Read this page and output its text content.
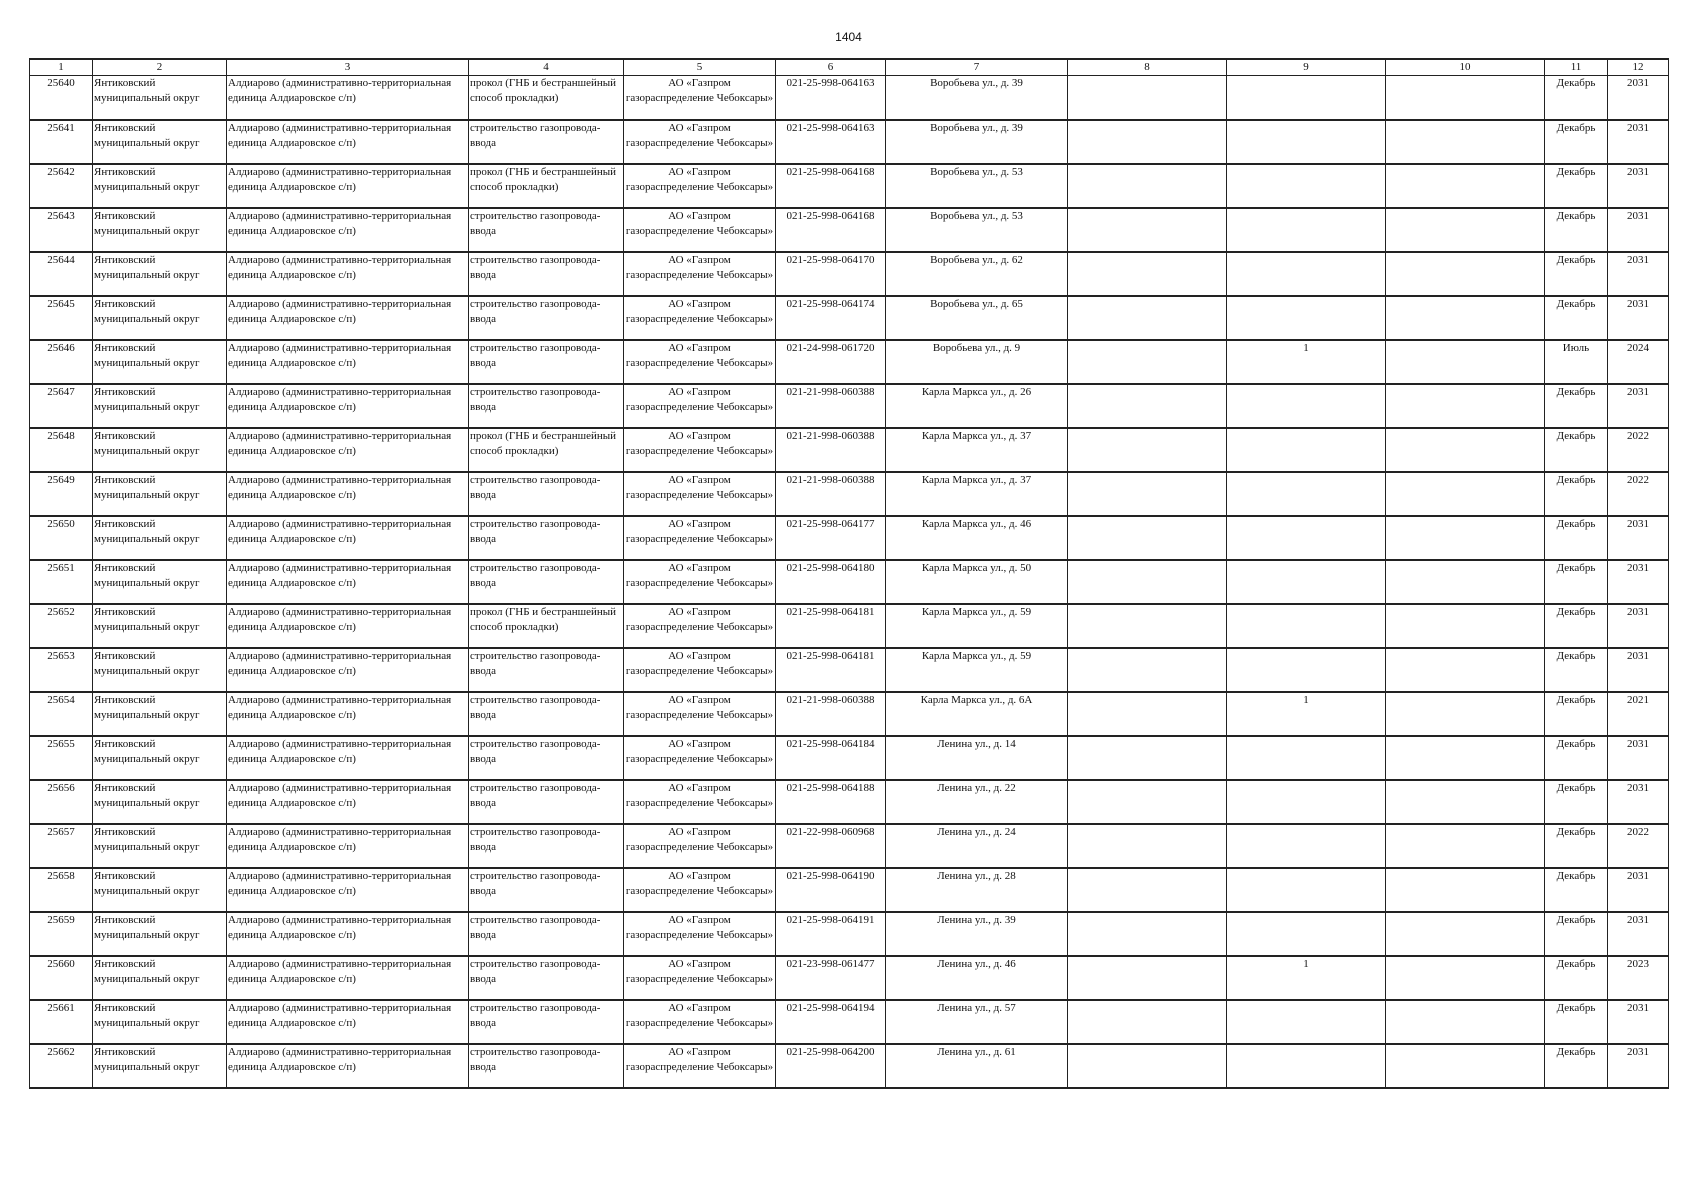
1404
1	2	3	4	5	6	7	8	9	10	11	12

25640	Янтиковский муниципальный округ	Алдиарово (административно-территориальная единица Алдиаровское с/п)	прокол (ГНБ и бестраншейный способ прокладки)	АО «Газпром газораспределение Чебоксары»	021-25-998-064163	Воробьева ул., д. 39				Декабрь	2031

25641	Янтиковский муниципальный округ	Алдиарово (административно-территориальная единица Алдиаровское с/п)	строительство газопровода-ввода	АО «Газпром газораспределение Чебоксары»	021-25-998-064163	Воробьева ул., д. 39				Декабрь	2031

25642	Янтиковский муниципальный округ	Алдиарово (административно-территориальная единица Алдиаровское с/п)	прокол (ГНБ и бестраншейный способ прокладки)	АО «Газпром газораспределение Чебоксары»	021-25-998-064168	Воробьева ул., д. 53				Декабрь	2031

25643	Янтиковский муниципальный округ	Алдиарово (административно-территориальная единица Алдиаровское с/п)	строительство газопровода-ввода	АО «Газпром газораспределение Чебоксары»	021-25-998-064168	Воробьева ул., д. 53				Декабрь	2031

25644	Янтиковский муниципальный округ	Алдиарово (административно-территориальная единица Алдиаровское с/п)	строительство газопровода-ввода	АО «Газпром газораспределение Чебоксары»	021-25-998-064170	Воробьева ул., д. 62				Декабрь	2031

25645	Янтиковский муниципальный округ	Алдиарово (административно-территориальная единица Алдиаровское с/п)	строительство газопровода-ввода	АО «Газпром газораспределение Чебоксары»	021-25-998-064174	Воробьева ул., д. 65				Декабрь	2031

25646	Янтиковский муниципальный округ	Алдиарово (административно-территориальная единица Алдиаровское с/п)	строительство газопровода-ввода	АО «Газпром газораспределение Чебоксары»	021-24-998-061720	Воробьева ул., д. 9		1		Июль	2024

25647	Янтиковский муниципальный округ	Алдиарово (административно-территориальная единица Алдиаровское с/п)	строительство газопровода-ввода	АО «Газпром газораспределение Чебоксары»	021-21-998-060388	Карла Маркса ул., д. 26				Декабрь	2031

25648	Янтиковский муниципальный округ	Алдиарово (административно-территориальная единица Алдиаровское с/п)	прокол (ГНБ и бестраншейный способ прокладки)	АО «Газпром газораспределение Чебоксары»	021-21-998-060388	Карла Маркса ул., д. 37				Декабрь	2022

25649	Янтиковский муниципальный округ	Алдиарово (административно-территориальная единица Алдиаровское с/п)	строительство газопровода-ввода	АО «Газпром газораспределение Чебоксары»	021-21-998-060388	Карла Маркса ул., д. 37				Декабрь	2022

25650	Янтиковский муниципальный округ	Алдиарово (административно-территориальная единица Алдиаровское с/п)	строительство газопровода-ввода	АО «Газпром газораспределение Чебоксары»	021-25-998-064177	Карла Маркса ул., д. 46				Декабрь	2031

25651	Янтиковский муниципальный округ	Алдиарово (административно-территориальная единица Алдиаровское с/п)	строительство газопровода-ввода	АО «Газпром газораспределение Чебоксары»	021-25-998-064180	Карла Маркса ул., д. 50				Декабрь	2031

25652	Янтиковский муниципальный округ	Алдиарово (административно-территориальная единица Алдиаровское с/п)	прокол (ГНБ и бестраншейный способ прокладки)	АО «Газпром газораспределение Чебоксары»	021-25-998-064181	Карла Маркса ул., д. 59				Декабрь	2031

25653	Янтиковский муниципальный округ	Алдиарово (административно-территориальная единица Алдиаровское с/п)	строительство газопровода-ввода	АО «Газпром газораспределение Чебоксары»	021-25-998-064181	Карла Маркса ул., д. 59				Декабрь	2031

25654	Янтиковский муниципальный округ	Алдиарово (административно-территориальная единица Алдиаровское с/п)	строительство газопровода-ввода	АО «Газпром газораспределение Чебоксары»	021-21-998-060388	Карла Маркса ул., д. 6А		1		Декабрь	2021

25655	Янтиковский муниципальный округ	Алдиарово (административно-территориальная единица Алдиаровское с/п)	строительство газопровода-ввода	АО «Газпром газораспределение Чебоксары»	021-25-998-064184	Ленина ул., д. 14				Декабрь	2031

25656	Янтиковский муниципальный округ	Алдиарово (административно-территориальная единица Алдиаровское с/п)	строительство газопровода-ввода	АО «Газпром газораспределение Чебоксары»	021-25-998-064188	Ленина ул., д. 22				Декабрь	2031

25657	Янтиковский муниципальный округ	Алдиарово (административно-территориальная единица Алдиаровское с/п)	строительство газопровода-ввода	АО «Газпром газораспределение Чебоксары»	021-22-998-060968	Ленина ул., д. 24				Декабрь	2022

25658	Янтиковский муниципальный округ	Алдиарово (административно-территориальная единица Алдиаровское с/п)	строительство газопровода-ввода	АО «Газпром газораспределение Чебоксары»	021-25-998-064190	Ленина ул., д. 28				Декабрь	2031

25659	Янтиковский муниципальный округ	Алдиарово (административно-территориальная единица Алдиаровское с/п)	строительство газопровода-ввода	АО «Газпром газораспределение Чебоксары»	021-25-998-064191	Ленина ул., д. 39				Декабрь	2031

25660	Янтиковский муниципальный округ	Алдиарово (административно-территориальная единица Алдиаровское с/п)	строительство газопровода-ввода	АО «Газпром газораспределение Чебоксары»	021-23-998-061477	Ленина ул., д. 46		1		Декабрь	2023

25661	Янтиковский муниципальный округ	Алдиарово (административно-территориальная единица Алдиаровское с/п)	строительство газопровода-ввода	АО «Газпром газораспределение Чебоксары»	021-25-998-064194	Ленина ул., д. 57				Декабрь	2031

25662	Янтиковский муниципальный округ	Алдиарово (административно-территориальная единица Алдиаровское с/п)	строительство газопровода-ввода	АО «Газпром газораспределение Чебоксары»	021-25-998-064200	Ленина ул., д. 61				Декабрь	2031
